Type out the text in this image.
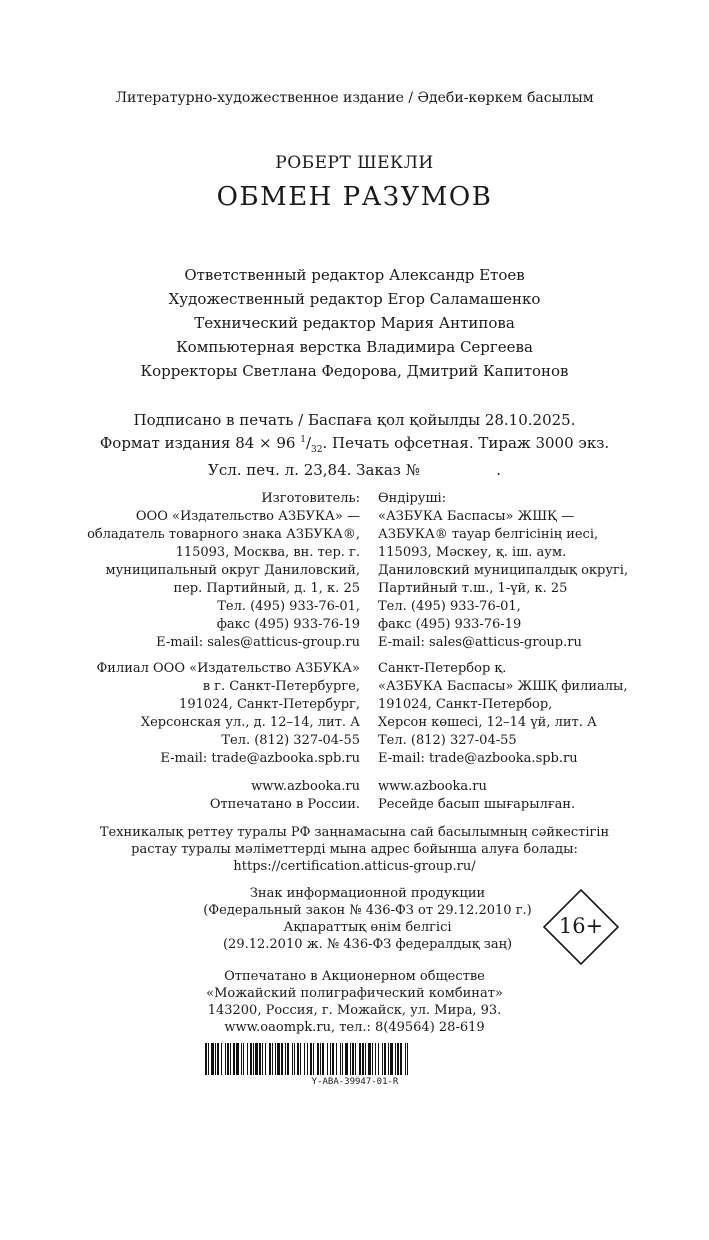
Литературно-художественное издание / Әдеби-көркем басылым
РОБЕРТ ШЕКЛИ
ОБМЕН РАЗУМОВ
Ответственный редактор Александр Етоев
Художественный редактор Егор Саламашенко
Технический редактор Мария Антипова
Компьютерная верстка Владимира Сергеева
Корректоры Светлана Федорова, Дмитрий Капитонов
Подписано в печать / Баспаға қол қойылды 28.10.2025.
Формат издания 84 × 96 $^1/_{32}$. Печать офсетная. Тираж 3000 экз.
Усл. печ. л. 23,84. Заказ №                .
Изготовитель:
ООО «Издательство АЗБУКА» —
обладатель товарного знака АЗБУКА®,
115093, Москва, вн. тер. г.
муниципальный округ Даниловский,
пер. Партийный, д. 1, к. 25
Тел. (495) 933-76-01,
факс (495) 933-76-19
E-mail: sales@atticus-group.ru
Филиал ООО «Издательство АЗБУКА»
в г. Санкт-Петербурге,
191024, Санкт-Петербург,
Херсонская ул., д. 12–14, лит. А
Тел. (812) 327-04-55
E-mail: trade@azbooka.spb.ru
www.azbooka.ru
Отпечатано в России.
Өндіруші:
«АЗБУКА Баспасы» ЖШҚ —
АЗБУКА® тауар белгісінің иесі,
115093, Мәскеу, қ. іш. аум.
Даниловский муниципалдық округі,
Партийный т.ш., 1-үй, к. 25
Тел. (495) 933-76-01,
факс (495) 933-76-19
E-mail: sales@atticus-group.ru
Санкт-Петербор қ.
«АЗБУКА Баспасы» ЖШҚ филиалы,
191024, Санкт-Петербор,
Херсон көшесі, 12–14 үй, лит. А
Тел. (812) 327-04-55
E-mail: trade@azbooka.spb.ru
www.azbooka.ru
Ресейде басып шығарылған.
Техникалық реттеу туралы РФ заңнамасына сай басылымның сәйкестігін
растау туралы мәліметтерді мына адрес бойынша алуға болады:
https://certification.atticus-group.ru/
Знак информационной продукции
(Федеральный закон № 436-ФЗ от 29.12.2010 г.)
Ақпараттық өнім белгісі
(29.12.2010 ж. № 436-ФЗ федералдық заң)
16+
Отпечатано в Акционерном обществе
«Можайский полиграфический комбинат»
143200, Россия, г. Можайск, ул. Мира, 93.
www.oaompk.ru, тел.: 8(49564) 28-619
Y-ABA-39947-01-R
